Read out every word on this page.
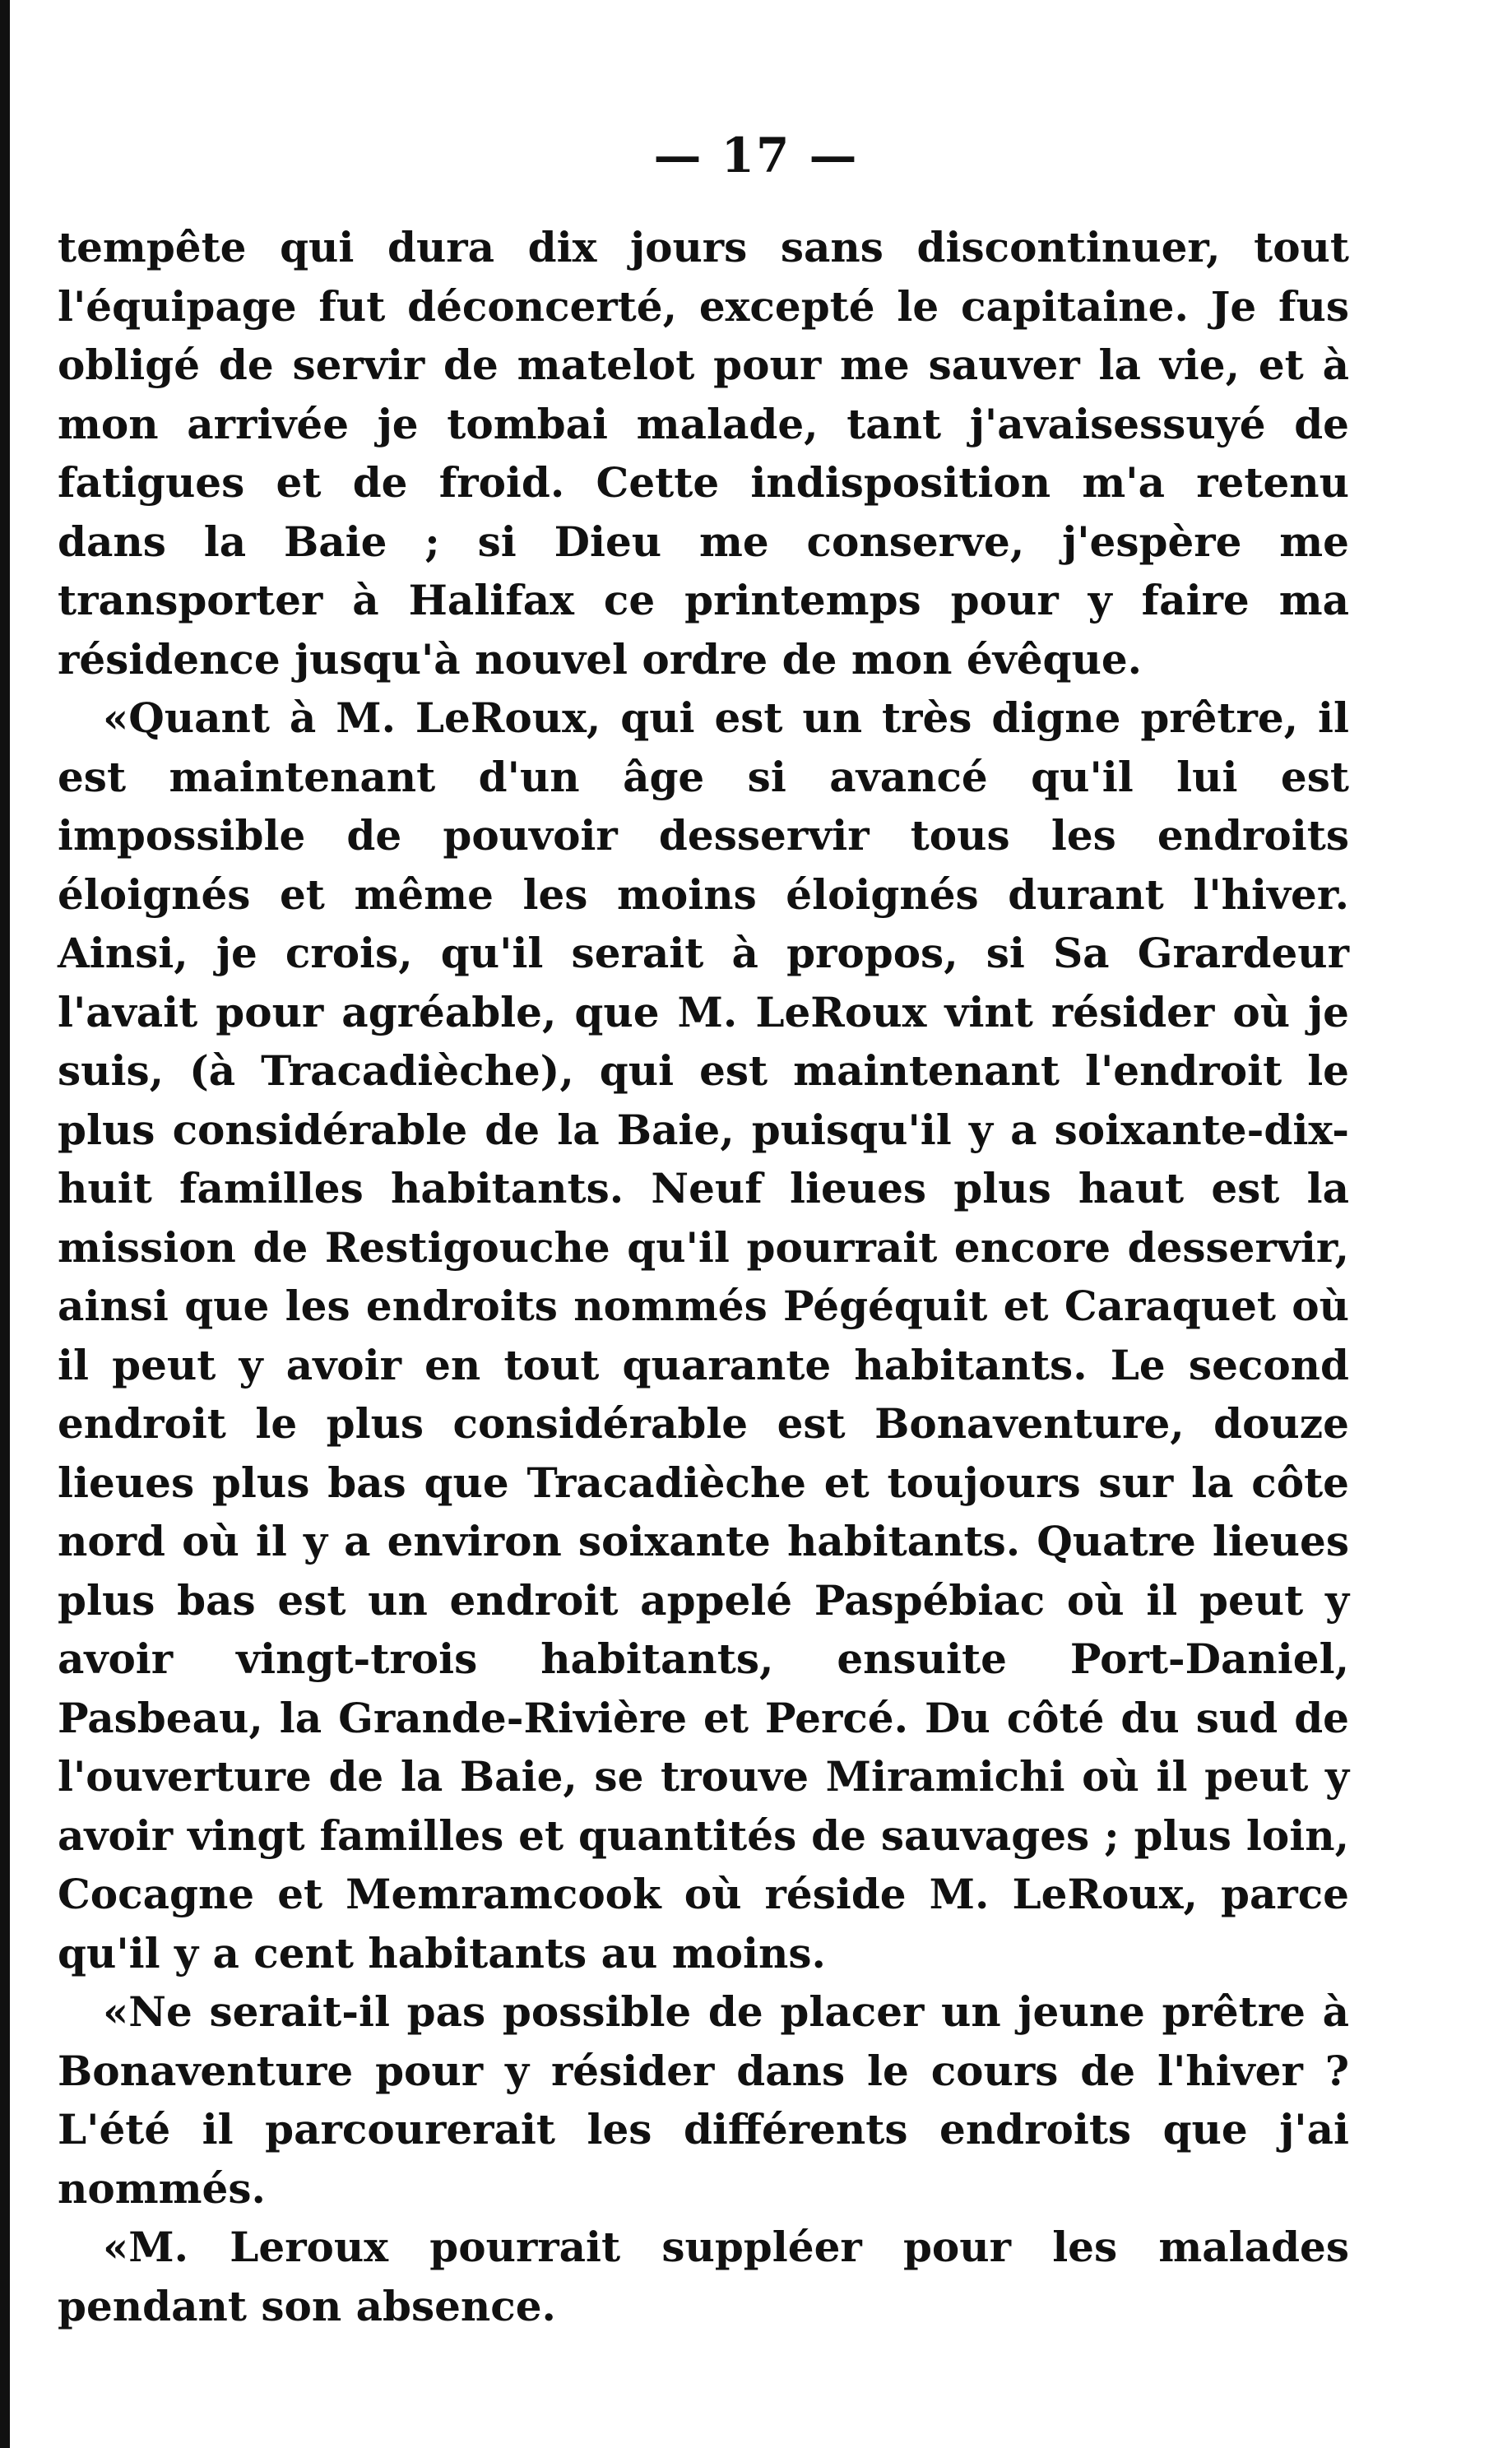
— 17 —

tempête qui dura dix jours sans discontinuer, tout l'équipage fut déconcerté, excepté le capitaine. Je fus obligé de servir de matelot pour me sauver la vie, et à mon arrivée je tombai malade, tant j'avaisessuyé de fatigues et de froid. Cette indisposition m'a retenu dans la Baie ; si Dieu me conserve, j'espère me transporter à Halifax ce printemps pour y faire ma résidence jusqu'à nouvel ordre de mon évêque.

«Quant à M. LeRoux, qui est un très digne prêtre, il est maintenant d'un âge si avancé qu'il lui est impossible de pouvoir desservir tous les endroits éloignés et même les moins éloignés durant l'hiver. Ainsi, je crois, qu'il serait à propos, si Sa Grardeur l'avait pour agréable, que M. LeRoux vint résider où je suis, (à Tracadièche), qui est maintenant l'endroit le plus considérable de la Baie, puisqu'il y a soixante-dix-huit familles habitants. Neuf lieues plus haut est la mission de Restigouche qu'il pourrait encore desservir, ainsi que les endroits nommés Pégéquit et Caraquet où il peut y avoir en tout quarante habitants. Le second endroit le plus considérable est Bonaventure, douze lieues plus bas que Tracadièche et toujours sur la côte nord où il y a environ soixante habitants. Quatre lieues plus bas est un endroit appelé Paspébiac où il peut y avoir vingt-trois habitants, ensuite Port-Daniel, Pasbeau, la Grande-Rivière et Percé. Du côté du sud de l'ouverture de la Baie, se trouve Miramichi où il peut y avoir vingt familles et quantités de sauvages ; plus loin, Cocagne et Memramcook où réside M. LeRoux, parce qu'il y a cent habitants au moins.

«Ne serait-il pas possible de placer un jeune prêtre à Bonaventure pour y résider dans le cours de l'hiver ? L'été il parcourerait les différents endroits que j'ai nommés.

«M. Leroux pourrait suppléer pour les malades pendant son absence.
